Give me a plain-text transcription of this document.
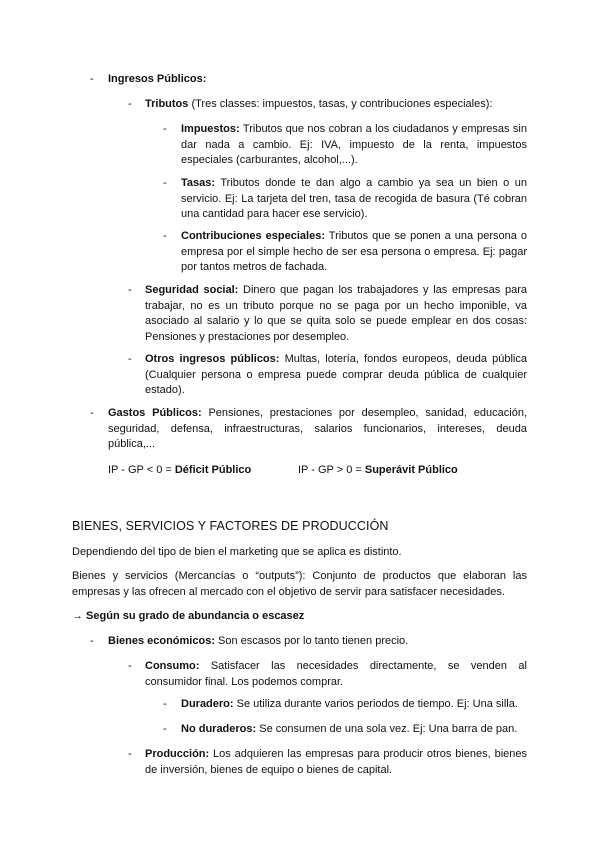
- Ingresos Públicos:
- Tributos (Tres classes: impuestos, tasas, y contribuciones especiales):
- Impuestos: Tributos que nos cobran a los ciudadanos y empresas sin dar nada a cambio. Ej: IVA, impuesto de la renta, impuestos especiales (carburantes, alcohol,...).
- Tasas: Tributos donde te dan algo a cambio ya sea un bien o un servicio. Ej: La tarjeta del tren, tasa de recogida de basura (Té cobran una cantidad para hacer ese servicio).
- Contribuciones especiales: Tributos que se ponen a una persona o empresa por el simple hecho de ser esa persona o empresa. Ej: pagar por tantos metros de fachada.
- Seguridad social: Dinero que pagan los trabajadores y las empresas para trabajar, no es un tributo porque no se paga por un hecho imponible, va asociado al salario y lo que se quita solo se puede emplear en dos cosas: Pensiones y prestaciones por desempleo.
- Otros ingresos públicos: Multas, lotería, fondos europeos, deuda pública (Cualquier persona o empresa puede comprar deuda pública de cualquier estado).
- Gastos Públicos: Pensiones, prestaciones por desempleo, sanidad, educación, seguridad, defensa, infraestructuras, salarios funcionarios, intereses, deuda pública,...
IP - GP < 0 = Déficit Público	IP - GP > 0 = Superávit Público
BIENES, SERVICIOS Y FACTORES DE PRODUCCIÓN
Dependiendo del tipo de bien el marketing que se aplica es distinto.
Bienes y servicios (Mercancías o “outputs”): Conjunto de productos que elaboran las empresas y las ofrecen al mercado con el objetivo de servir para satisfacer necesidades.
→ Según su grado de abundancia o escasez
- Bienes económicos: Son escasos por lo tanto tienen precio.
- Consumo: Satisfacer las necesidades directamente, se venden al consumidor final. Los podemos comprar.
- Duradero: Se utiliza durante varios periodos de tiempo. Ej: Una silla.
- No duraderos: Se consumen de una sola vez. Ej: Una barra de pan.
- Producción: Los adquieren las empresas para producir otros bienes, bienes de inversión, bienes de equipo o bienes de capital.
